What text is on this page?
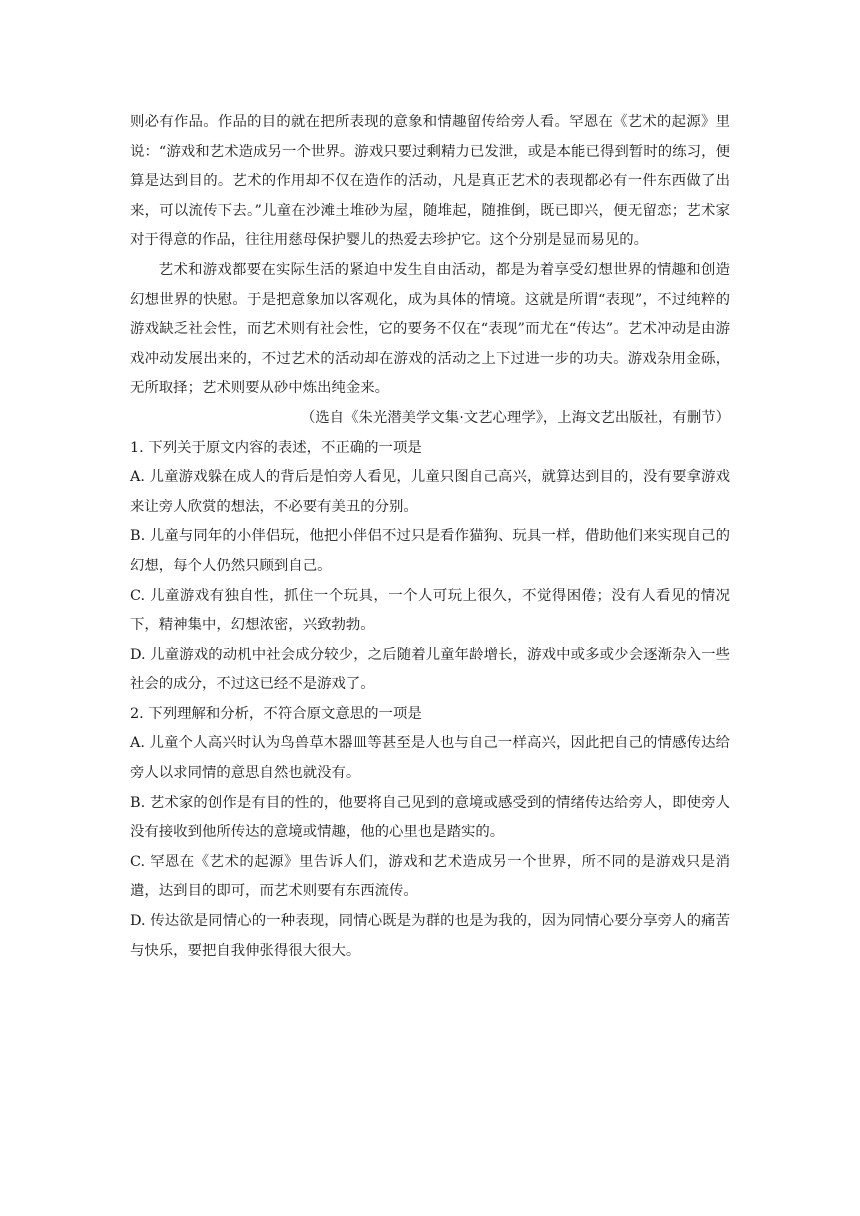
则必有作品。作品的目的就在把所表现的意象和情趣留传给旁人看。罕恩在《艺术的起源》里说：“游戏和艺术造成另一个世界。游戏只要过剩精力已发泄，或是本能已得到暂时的练习，便算是达到目的。艺术的作用却不仅在造作的活动，凡是真正艺术的表现都必有一件东西做了出来，可以流传下去。”儿童在沙滩土堆砂为屋，随堆起，随推倒，既已即兴，便无留恋；艺术家对于得意的作品，往往用慈母保护婴儿的热爱去珍护它。这个分别是显而易见的。

艺术和游戏都要在实际生活的紧迫中发生自由活动，都是为着享受幻想世界的情趣和创造幻想世界的快慰。于是把意象加以客观化，成为具体的情境。这就是所谓“表现”，不过纯粹的游戏缺乏社会性，而艺术则有社会性，它的要务不仅在“表现”而尤在“传达”。艺术冲动是由游戏冲动发展出来的，不过艺术的活动却在游戏的活动之上下过进一步的功夫。游戏杂用金砾，无所取择；艺术则要从砂中炼出纯金来。

（选自《朱光潜美学文集·文艺心理学》，上海文艺出版社，有删节）

1. 下列关于原文内容的表述，不正确的一项是

A. 儿童游戏躲在成人的背后是怕旁人看见，儿童只图自己高兴，就算达到目的，没有要拿游戏来让旁人欣赏的想法，不必要有美丑的分别。

B. 儿童与同年的小伴侣玩，他把小伴侣不过只是看作猫狗、玩具一样，借助他们来实现自己的幻想，每个人仍然只顾到自己。

C. 儿童游戏有独自性，抓住一个玩具，一个人可玩上很久，不觉得困倦；没有人看见的情况下，精神集中，幻想浓密，兴致勃勃。

D. 儿童游戏的动机中社会成分较少，之后随着儿童年龄增长，游戏中或多或少会逐渐杂入一些社会的成分，不过这已经不是游戏了。

2. 下列理解和分析，不符合原文意思的一项是

A. 儿童个人高兴时认为鸟兽草木器皿等甚至是人也与自己一样高兴，因此把自己的情感传达给旁人以求同情的意思自然也就没有。

B. 艺术家的创作是有目的性的，他要将自己见到的意境或感受到的情绪传达给旁人，即使旁人没有接收到他所传达的意境或情趣，他的心里也是踏实的。

C. 罕恩在《艺术的起源》里告诉人们，游戏和艺术造成另一个世界，所不同的是游戏只是消遣，达到目的即可，而艺术则要有东西流传。

D. 传达欲是同情心的一种表现，同情心既是为群的也是为我的，因为同情心要分享旁人的痛苦与快乐，要把自我伸张得很大很大。
